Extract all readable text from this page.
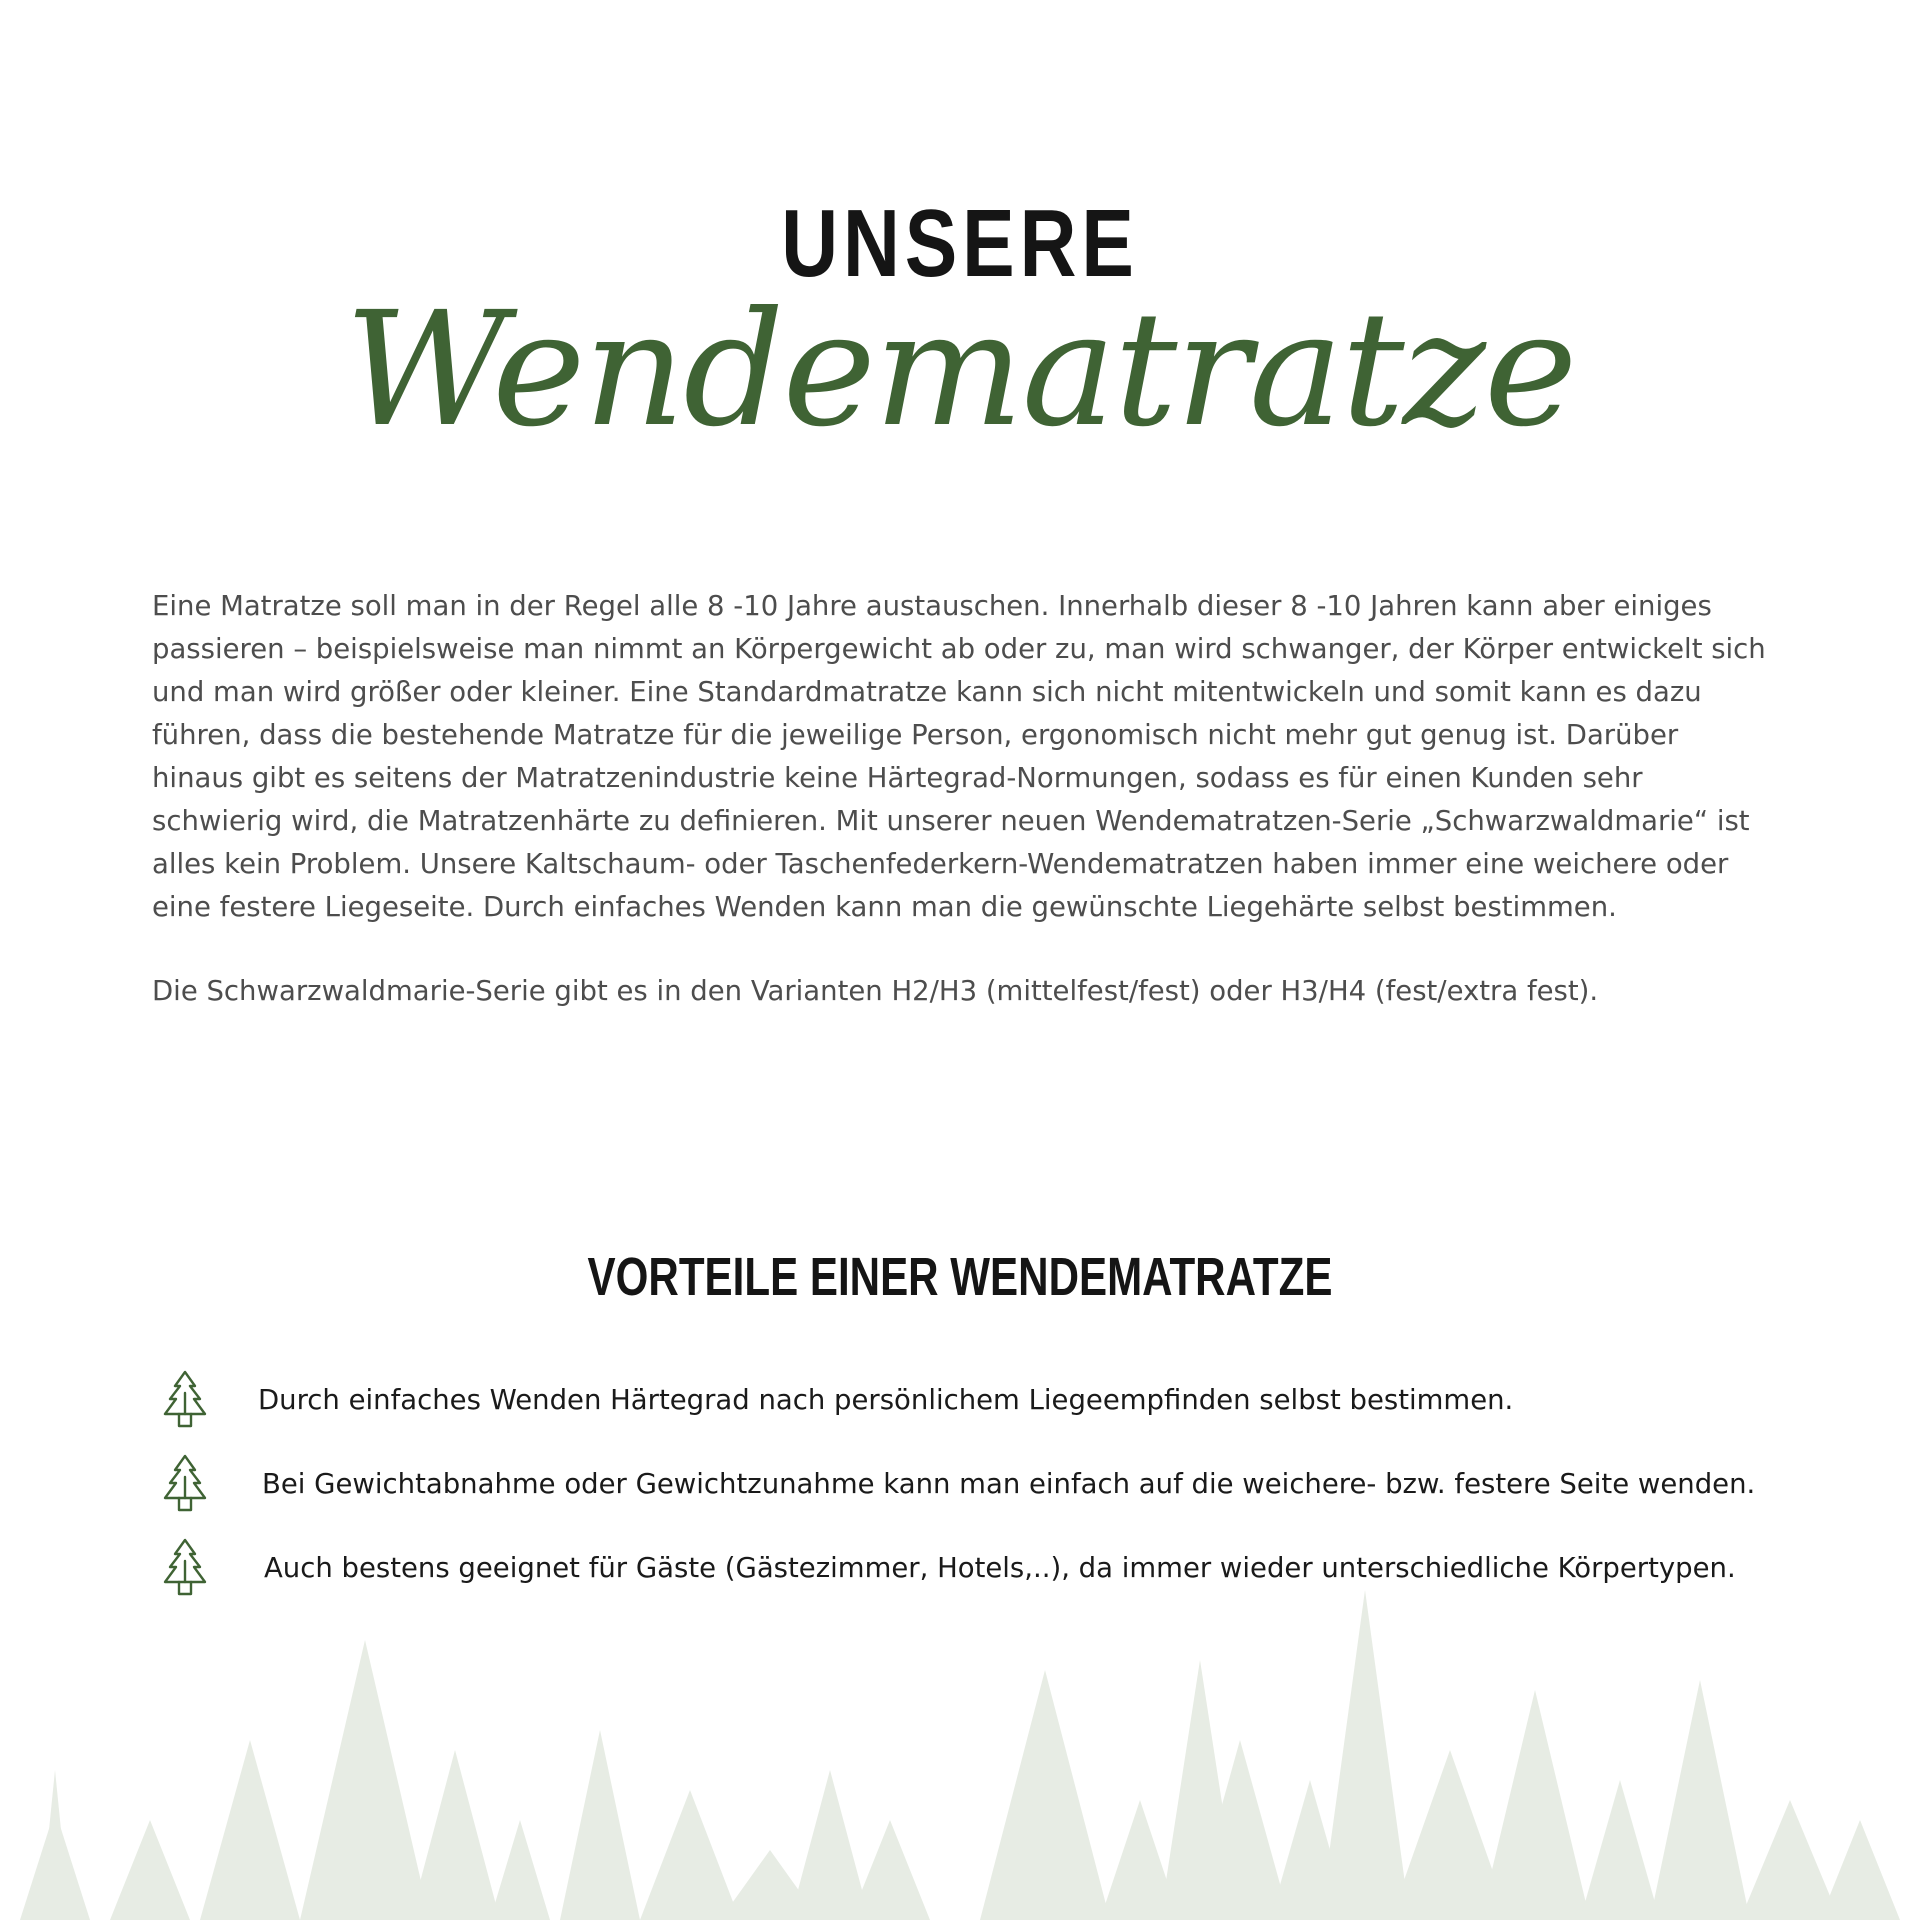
UNSERE
Wendematratze

Eine Matratze soll man in der Regel alle 8 -10 Jahre austauschen. Innerhalb dieser 8 -10 Jahren kann aber einiges passieren – beispielsweise man nimmt an Körpergewicht ab oder zu, man wird schwanger, der Körper entwickelt sich und man wird größer oder kleiner. Eine Standardmatratze kann sich nicht mitentwickeln und somit kann es dazu führen, dass die bestehende Matratze für die jeweilige Person, ergonomisch nicht mehr gut genug ist. Darüber hinaus gibt es seitens der Matratzenindustrie keine Härtegrad-Normungen, sodass es für einen Kunden sehr schwierig wird, die Matratzenhärte zu definieren. Mit unserer neuen Wendematratzen-Serie „Schwarzwaldmarie“ ist alles kein Problem. Unsere Kaltschaum- oder Taschenfederkern-Wendematratzen haben immer eine weichere oder eine festere Liegeseite. Durch einfaches Wenden kann man die gewünschte Liegehärte selbst bestimmen.

Die Schwarzwaldmarie-Serie gibt es in den Varianten H2/H3 (mittelfest/fest) oder H3/H4 (fest/extra fest).

VORTEILE EINER WENDEMATRATZE
Durch einfaches Wenden Härtegrad nach persönlichem Liegeempfinden selbst bestimmen.
Bei Gewichtabnahme oder Gewichtzunahme kann man einfach auf die weichere- bzw. festere Seite wenden.
Auch bestens geeignet für Gäste (Gästezimmer, Hotels,..), da immer wieder unterschiedliche Körpertypen.
